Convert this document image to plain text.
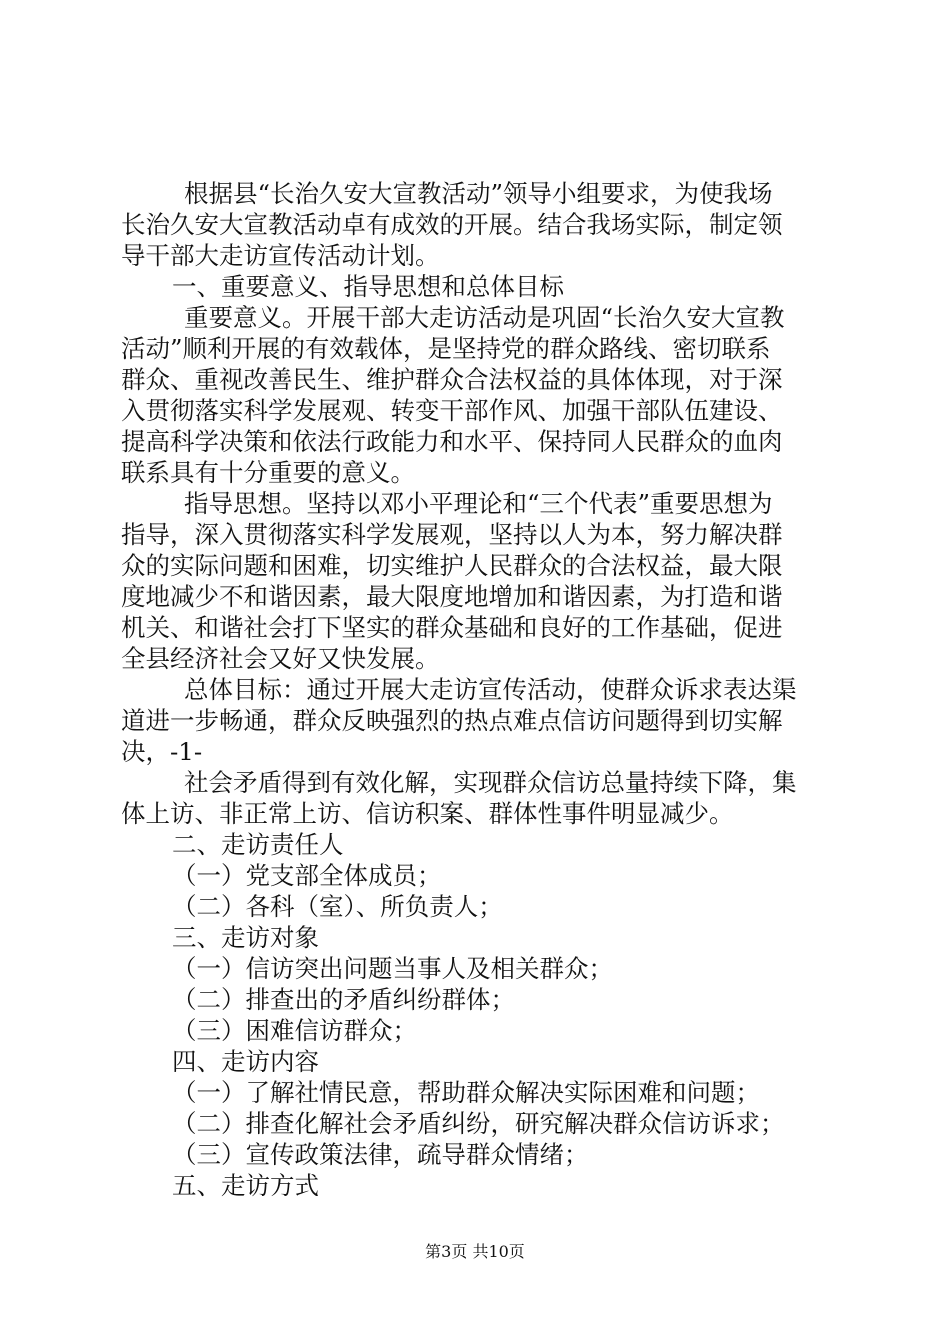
根据县“长治久安大宣教活动”领导小组要求，为使我场
长治久安大宣教活动卓有成效的开展。结合我场实际，制定领
导干部大走访宣传活动计划。
一、重要意义、指导思想和总体目标
重要意义。开展干部大走访活动是巩固“长治久安大宣教
活动”顺利开展的有效载体，是坚持党的群众路线、密切联系
群众、重视改善民生、维护群众合法权益的具体体现，对于深
入贯彻落实科学发展观、转变干部作风、加强干部队伍建设、
提高科学决策和依法行政能力和水平、保持同人民群众的血肉
联系具有十分重要的意义。
指导思想。坚持以邓小平理论和“三个代表”重要思想为
指导，深入贯彻落实科学发展观，坚持以人为本，努力解决群
众的实际问题和困难，切实维护人民群众的合法权益，最大限
度地减少不和谐因素，最大限度地增加和谐因素，为打造和谐
机关、和谐社会打下坚实的群众基础和良好的工作基础，促进
全县经济社会又好又快发展。
总体目标：通过开展大走访宣传活动，使群众诉求表达渠
道进一步畅通，群众反映强烈的热点难点信访问题得到切实解
决，-1-
社会矛盾得到有效化解，实现群众信访总量持续下降，集
体上访、非正常上访、信访积案、群体性事件明显减少。
二、走访责任人
（一）党支部全体成员；
（二）各科（室）、所负责人；
三、走访对象
（一）信访突出问题当事人及相关群众；
（二）排查出的矛盾纠纷群体；
（三）困难信访群众；
四、走访内容
（一）了解社情民意，帮助群众解决实际困难和问题；
（二）排查化解社会矛盾纠纷，研究解决群众信访诉求；
（三）宣传政策法律，疏导群众情绪；
五、走访方式
第3页 共10页
